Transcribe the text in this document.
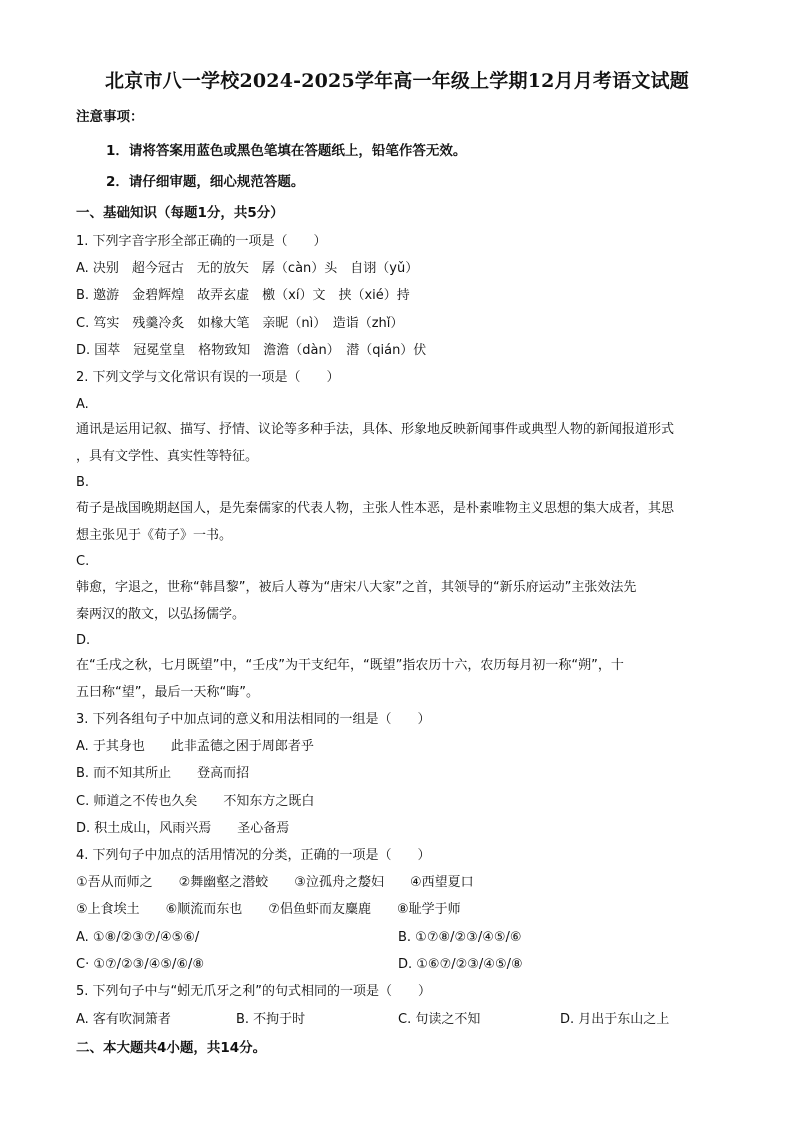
北京市八一学校2024-2025学年高一年级上学期12月月考语文试题
注意事项：
1．请将答案用蓝色或黑色笔填在答题纸上，铅笔作答无效。
2．请仔细审题，细心规范答题。
一、基础知识（每题1分，共5分）
1. 下列字音字形全部正确的一项是（　　）
A. 决别　超今冠古　无的放矢　孱（càn）头　自诩（yǔ）
B. 邀游　金碧辉煌　故弄玄虚　檄（xí）文　挟（xié）持
C. 笃实　残羹冷炙　如椽大笔　亲昵（nì）　造诣（zhǐ）
D. 国萃　冠冕堂皇　格物致知　澹澹（dàn）　潜（qián）伏
2. 下列文学与文化常识有误的一项是（　　）
A.
通讯是运用记叙、描写、抒情、议论等多种手法，具体、形象地反映新闻事件或典型人物的新闻报道形式
，具有文学性、真实性等特征。
B.
荀子是战国晚期赵国人，是先秦儒家的代表人物，主张人性本恶，是朴素唯物主义思想的集大成者，其思
想主张见于《荀子》一书。
C.
韩愈，字退之，世称“韩昌黎”，被后人尊为“唐宋八大家”之首，其领导的“新乐府运动”主张效法先
秦两汉的散文，以弘扬儒学。
D.
在“壬戌之秋，七月既望”中，“壬戌”为干支纪年，“既望”指农历十六，农历每月初一称“朔”，十
五曰称“望”，最后一天称“晦”。
3. 下列各组句子中加点词的意义和用法相同的一组是（　　）
A. 于其身也　　此非孟德之困于周郎者乎
B. 而不知其所止　　登高而招
C. 师道之不传也久矣　　不知东方之既白
D. 积土成山，风雨兴焉　　圣心备焉
4. 下列句子中加点的活用情况的分类，正确的一项是（　　）
①吾从而师之　　②舞幽壑之潜蛟　　③泣孤舟之嫠妇　　④西望夏口
⑤上食埃土　　⑥顺流而东也　　⑦侣鱼虾而友麋鹿　　⑧耻学于师
A. ①⑧/②③⑦/④⑤⑥/	B. ①⑦⑧/②③/④⑤/⑥
C· ①⑦/②③/④⑤/⑥/⑧	D. ①⑥⑦/②③/④⑤/⑧
5. 下列句子中与“蚓无爪牙之利”的句式相同的一项是（　　）
A. 客有吹洞箫者	B. 不拘于时	C. 句读之不知	D. 月出于东山之上
二、本大题共4小题，共14分。
